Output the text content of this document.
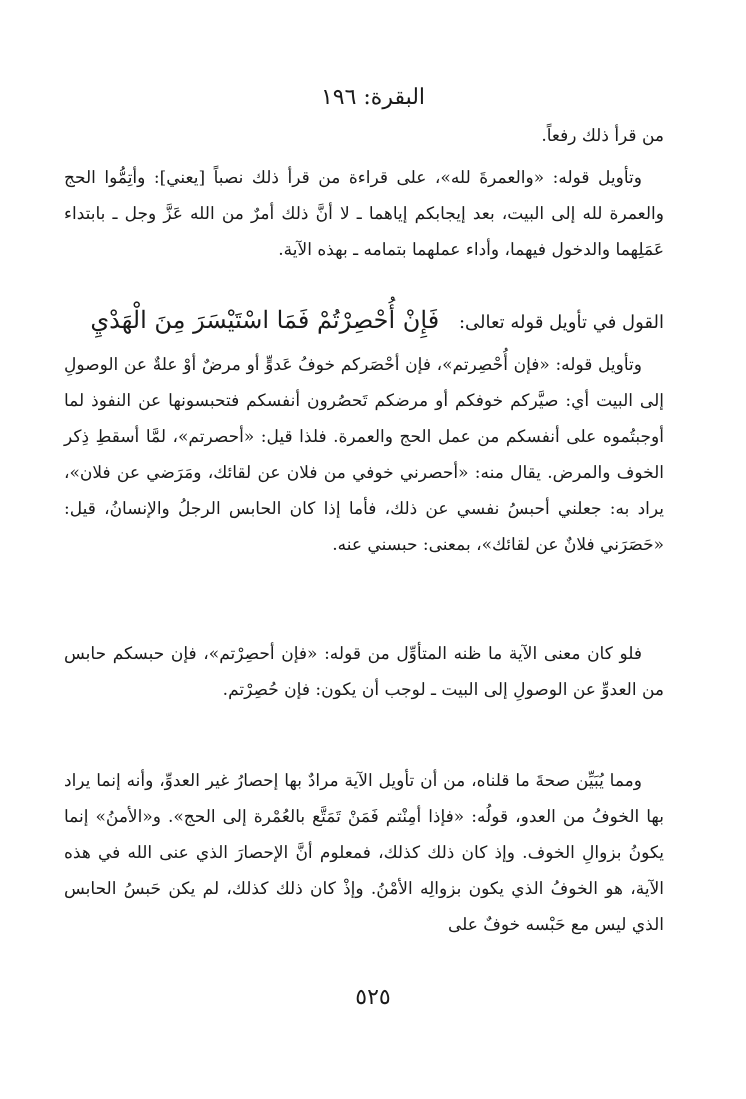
البقرة: ١٩٦

من قرأ ذلك رفعاً.

وتأويل قوله: «والعمرةَ لله»، على قراءة من قرأ ذلك نصباً [يعني]: وأتِمُّوا الحج والعمرة لله إلى البيت، بعد إيجابكم إياهما ـ لا أنَّ ذلك أمرٌ من الله عَزَّ وجل ـ بابتداء عَمَلِهما والدخول فيهما، وأداء عملهما بتمامه ـ بهذه الآية.

القول في تأويل قوله تعالى: فَإِنْ أُحْصِرْتُمْ فَمَا اسْتَيْسَرَ مِنَ الْهَدْيِ

وتأويل قوله: «فإن أُحْصِرتم»، فإن أحْصَركم خوفُ عَدوٍّ أو مرضٌ أوْ علةٌ عن الوصولِ إلى البيت أي: صيَّركم خوفكم أو مرضكم تَحصُرون أنفسكم فتحبسونها عن النفوذ لما أوجبتُموه على أنفسكم من عمل الحج والعمرة. فلذا قيل: «أحصرتم»، لمَّا أسقطِ ذِكر الخوف والمرض. يقال منه: «أحصرني خوفي من فلان عن لقائك، ومَرَضي عن فلان»، يراد به: جعلني أحبسُ نفسي عن ذلك، فأما إذا كان الحابس الرجلُ والإنسانُ، قيل: «حَصَرَني فلانٌ عن لقائك»، بمعنى: حبسني عنه.

فلو كان معنى الآية ما ظنه المتأوِّل من قوله: «فإن أحصِرْتم»، فإن حبسكم حابس من العدوِّ عن الوصولِ إلى البيت ـ لوجب أن يكون: فإن حُصِرْتم.

ومما يُبَيِّن صحةَ ما قلناه، من أن تأويل الآية مرادٌ بها إحصارُ غير العدوِّ، وأنه إنما يراد بها الخوفُ من العدو، قولُه: «فإذا أمِنْتم فَمَنْ تَمَتَّع بالعُمْرة إلى الحج». و«الأمنُ» إنما يكونُ بزوالِ الخوف. وإذ كان ذلك كذلك، فمعلوم أنَّ الإحصارَ الذي عنى الله في هذه الآية، هو الخوفُ الذي يكون بزوالِه الأمْنُ. وإذْ كان ذلك كذلك، لم يكن حَبسُ الحابس الذي ليس مع حَبْسه خوفٌ على

٥٢٥
